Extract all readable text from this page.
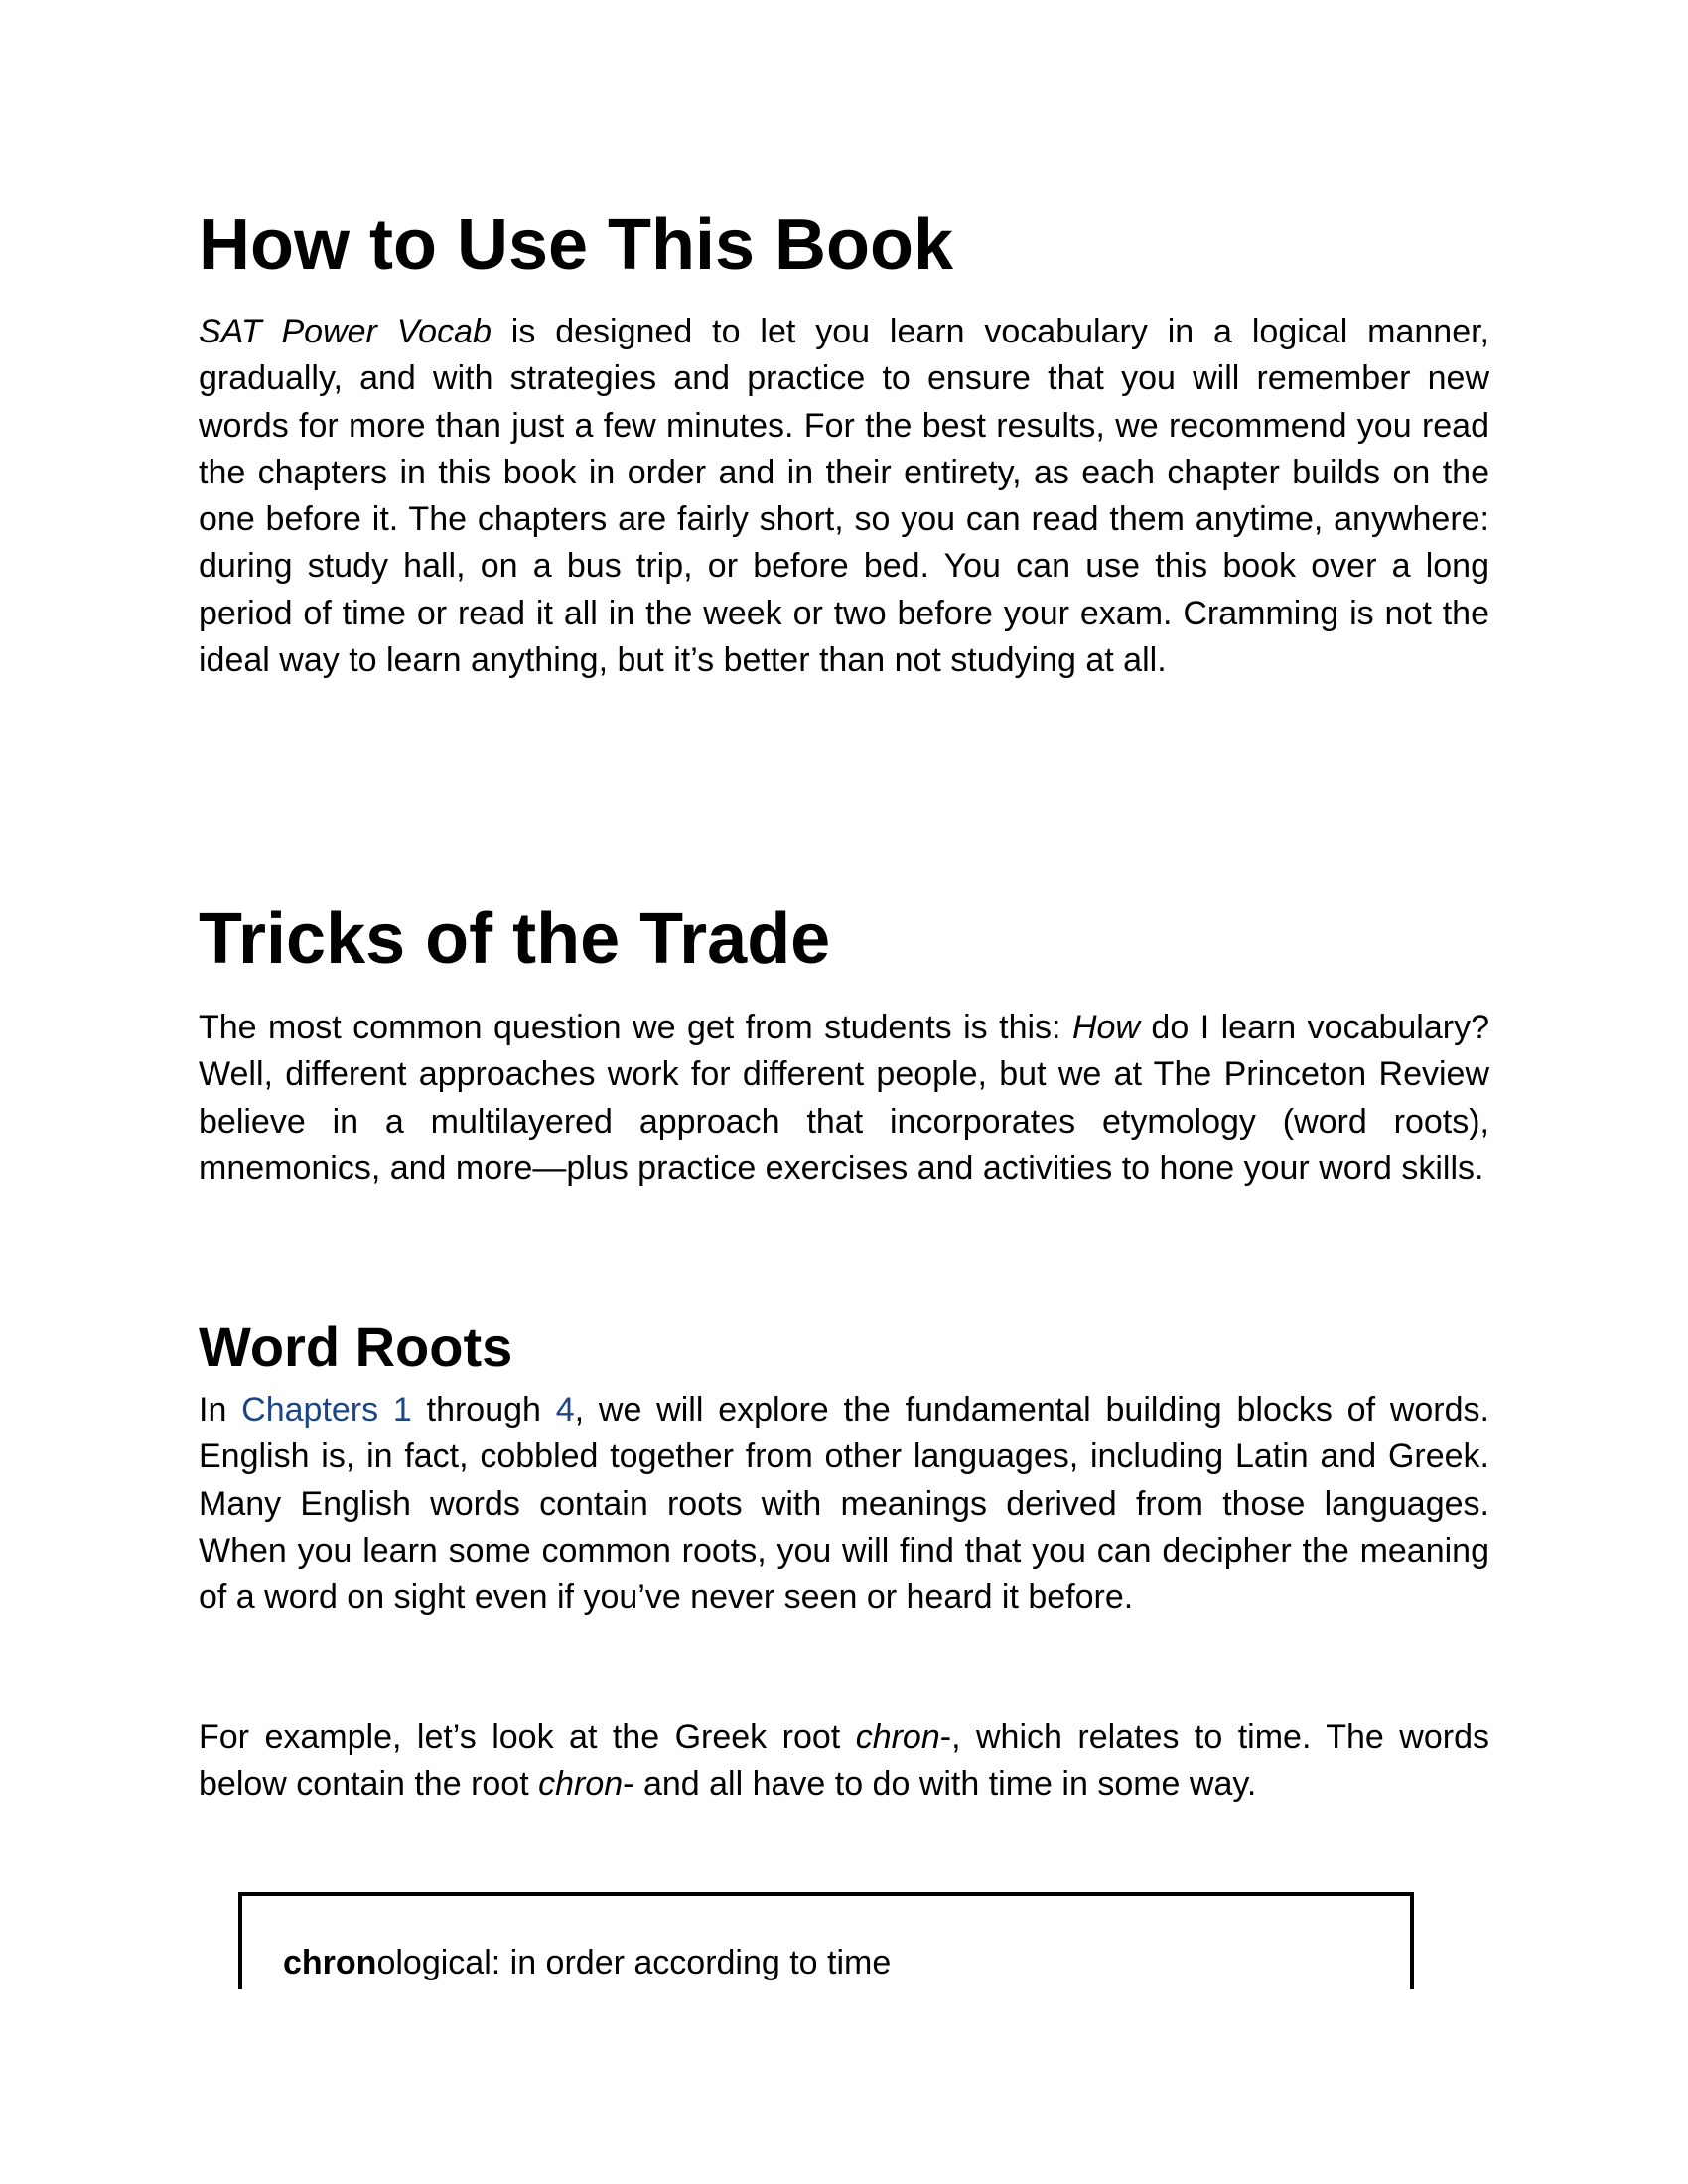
How to Use This Book

SAT Power Vocab is designed to let you learn vocabulary in a logical manner, gradually, and with strategies and practice to ensure that you will remember new words for more than just a few minutes. For the best results, we recommend you read the chapters in this book in order and in their entirety, as each chapter builds on the one before it. The chapters are fairly short, so you can read them anytime, anywhere: during study hall, on a bus trip, or before bed. You can use this book over a long period of time or read it all in the week or two before your exam. Cramming is not the ideal way to learn anything, but it’s better than not studying at all.

Tricks of the Trade

The most common question we get from students is this: How do I learn vocabulary? Well, different approaches work for different people, but we at The Princeton Review believe in a multilayered approach that incorporates etymology (word roots), mnemonics, and more—plus practice exercises and activities to hone your word skills.

Word Roots

In Chapters 1 through 4, we will explore the fundamental building blocks of words. English is, in fact, cobbled together from other languages, including Latin and Greek. Many English words contain roots with meanings derived from those languages. When you learn some common roots, you will find that you can decipher the meaning of a word on sight even if you’ve never seen or heard it before.

For example, let’s look at the Greek root chron-, which relates to time. The words below contain the root chron- and all have to do with time in some way.

chronological: in order according to time
